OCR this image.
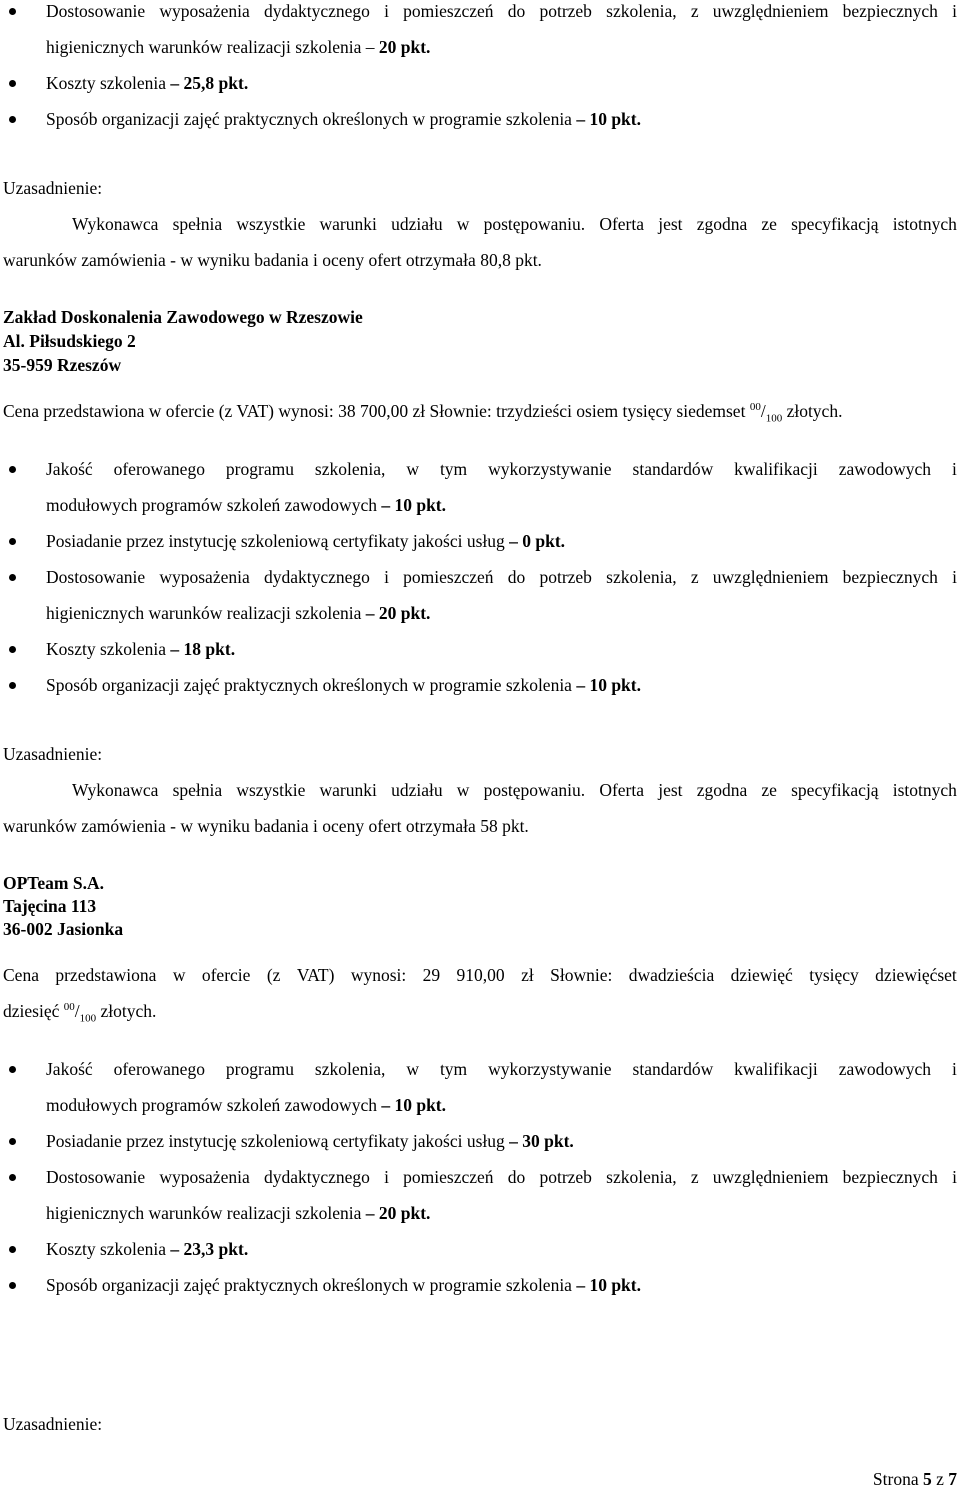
Dostosowanie wyposażenia dydaktycznego i pomieszczeń do potrzeb szkolenia, z uwzględnieniem bezpiecznych i
higienicznych warunków realizacji szkolenia – 20 pkt.
Koszty szkolenia – 25,8 pkt.
Sposób organizacji zajęć praktycznych określonych w programie szkolenia – 10 pkt.
Uzasadnienie:
Wykonawca spełnia wszystkie warunki udziału w postępowaniu. Oferta jest zgodna ze specyfikacją istotnych
warunków zamówienia - w wyniku badania i oceny ofert otrzymała 80,8 pkt.
Zakład Doskonalenia Zawodowego w Rzeszowie
Al. Piłsudskiego 2
35-959 Rzeszów
Cena przedstawiona w ofercie (z VAT) wynosi: 38 700,00 zł Słownie: trzydzieści osiem tysięcy siedemset $^{00}/_{100}$ złotych.
Jakość oferowanego programu szkolenia, w tym wykorzystywanie standardów kwalifikacji zawodowych i
modułowych programów szkoleń zawodowych – 10 pkt.
Posiadanie przez instytucję szkoleniową certyfikaty jakości usług – 0 pkt.
Dostosowanie wyposażenia dydaktycznego i pomieszczeń do potrzeb szkolenia, z uwzględnieniem bezpiecznych i
higienicznych warunków realizacji szkolenia – 20 pkt.
Koszty szkolenia – 18 pkt.
Sposób organizacji zajęć praktycznych określonych w programie szkolenia – 10 pkt.
Uzasadnienie:
Wykonawca spełnia wszystkie warunki udziału w postępowaniu. Oferta jest zgodna ze specyfikacją istotnych
warunków zamówienia - w wyniku badania i oceny ofert otrzymała 58 pkt.
OPTeam S.A.
Tajęcina 113
36-002 Jasionka
Cena przedstawiona w ofercie (z VAT) wynosi: 29 910,00 zł Słownie: dwadzieścia dziewięć tysięcy dziewięćset
dziesięć $^{00}/_{100}$ złotych.
Jakość oferowanego programu szkolenia, w tym wykorzystywanie standardów kwalifikacji zawodowych i
modułowych programów szkoleń zawodowych – 10 pkt.
Posiadanie przez instytucję szkoleniową certyfikaty jakości usług – 30 pkt.
Dostosowanie wyposażenia dydaktycznego i pomieszczeń do potrzeb szkolenia, z uwzględnieniem bezpiecznych i
higienicznych warunków realizacji szkolenia – 20 pkt.
Koszty szkolenia – 23,3 pkt.
Sposób organizacji zajęć praktycznych określonych w programie szkolenia – 10 pkt.
Uzasadnienie:
Strona 5 z 7
